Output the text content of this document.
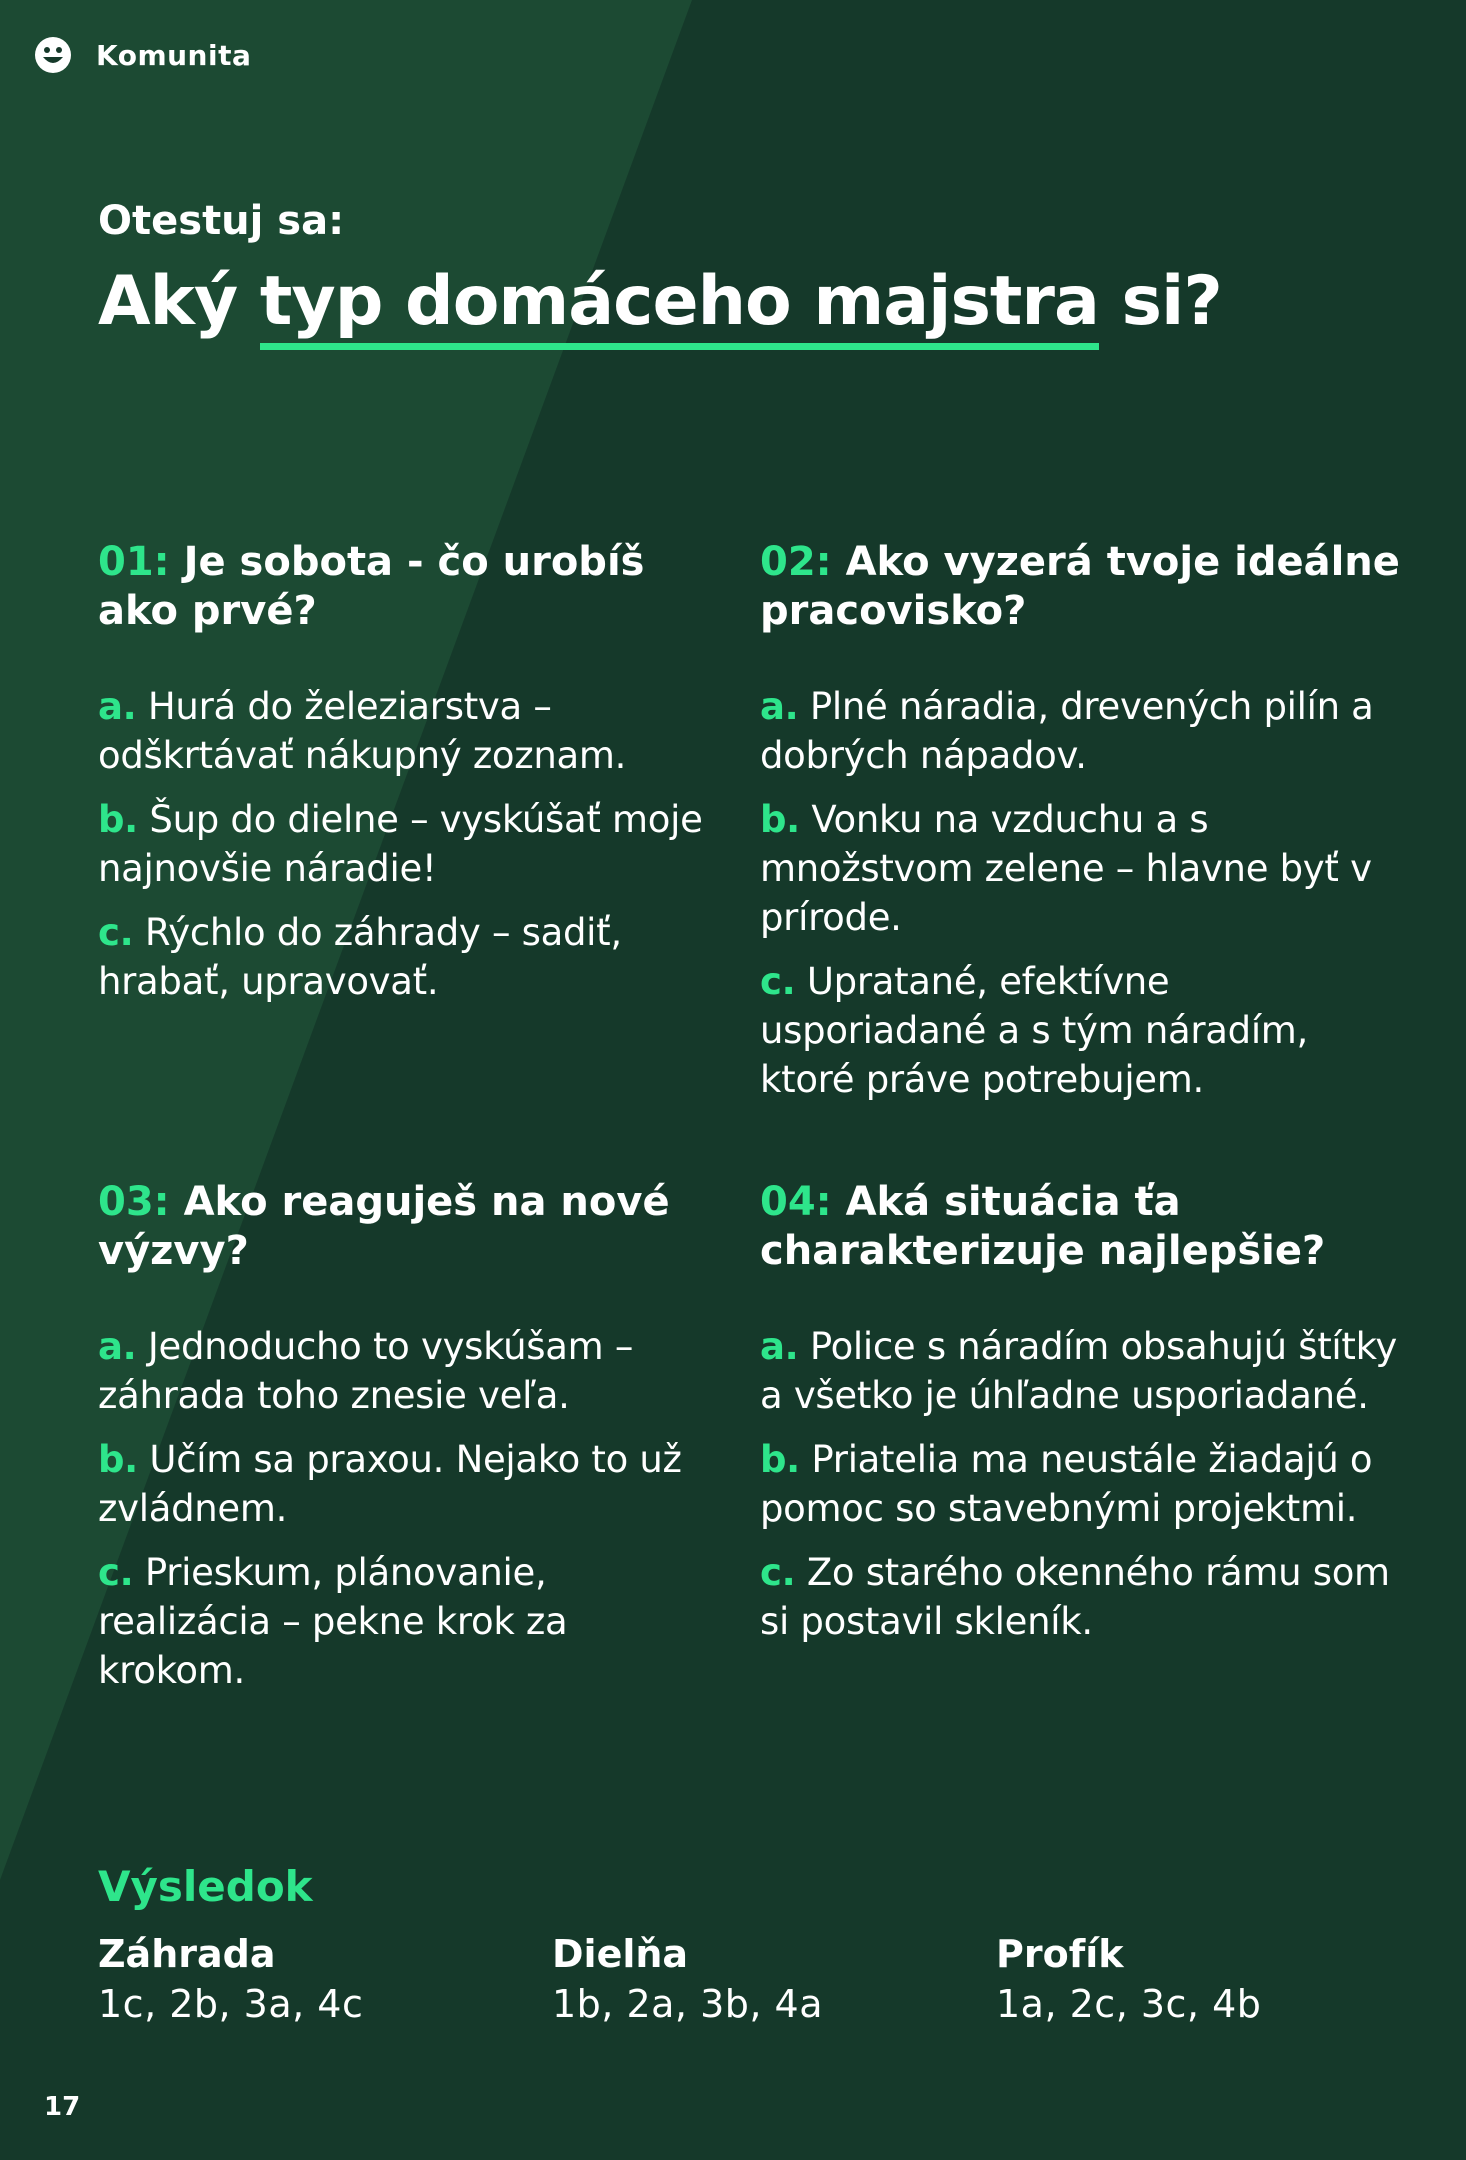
Komunita
Otestuj sa:
Aký typ domáceho majstra si?
01: Je sobota - čo urobíš ako prvé?
a. Hurá do železiarstva – odškrtávať nákupný zoznam.
b. Šup do dielne – vyskúšať moje najnovšie náradie!
c. Rýchlo do záhrady – sadiť, hrabať, upravovať.
02: Ako vyzerá tvoje ideálne pracovisko?
a. Plné náradia, drevených pilín a dobrých nápadov.
b. Vonku na vzduchu a s množstvom zelene – hlavne byť v prírode.
c. Upratané, efektívne usporiadané a s tým náradím, ktoré práve potrebujem.
03: Ako reaguješ na nové výzvy?
a. Jednoducho to vyskúšam – záhrada toho znesie veľa.
b. Učím sa praxou. Nejako to už zvládnem.
c. Prieskum, plánovanie, realizácia – pekne krok za krokom.
04: Aká situácia ťa charakterizuje najlepšie?
a. Police s náradím obsahujú štítky a všetko je úhľadne usporiadané.
b. Priatelia ma neustále žiadajú o pomoc so stavebnými projektmi.
c. Zo starého okenného rámu som si postavil skleník.
Výsledok
Záhrada
1c, 2b, 3a, 4c
Dielňa
1b, 2a, 3b, 4a
Profík
1a, 2c, 3c, 4b
17
